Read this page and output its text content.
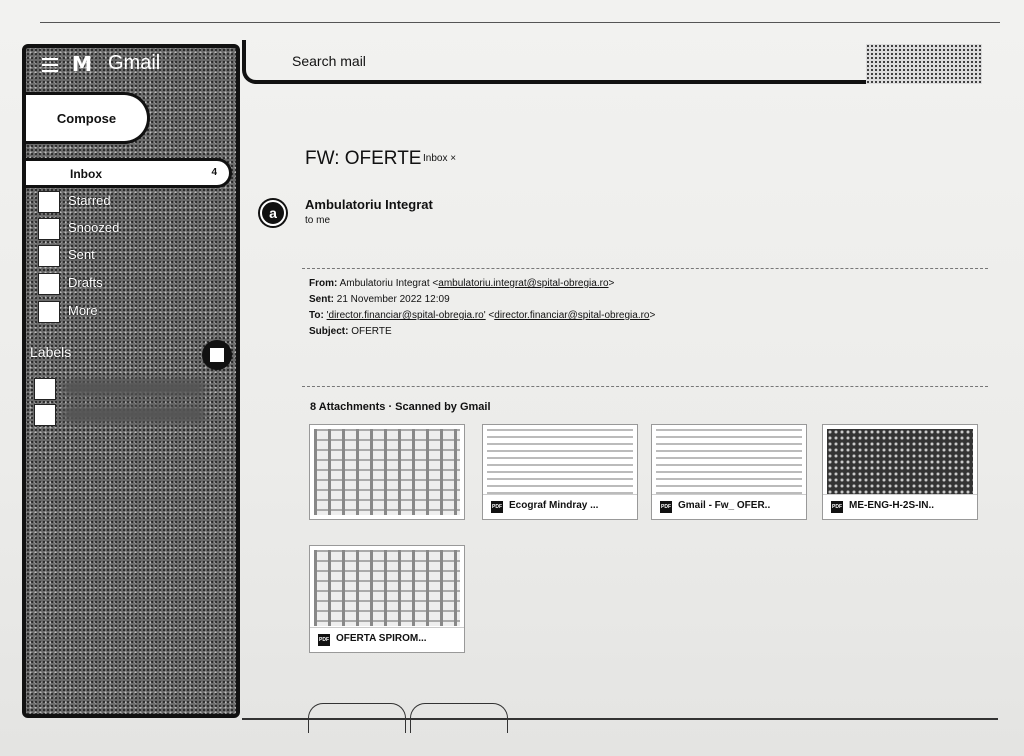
M Gmail
Compose
Inbox	4
Starred
Snoozed
Sent
Drafts
More
Labels
Search mail
FW: OFERTE Inbox ×
a
Ambulatoriu Integrat
to me
From: Ambulatoriu Integrat <ambulatoriu.integrat@spital-obregia.ro>
Sent: 21 November 2022 12:09
To: 'director.financiar@spital-obregia.ro' <director.financiar@spital-obregia.ro>
Subject: OFERTE
8 Attachments · Scanned by Gmail
PDF Ecograf Mindray ...	PDF Gmail - Fw_ OFER..	PDF ME-ENG-H-2S-IN..
PDF OFERTA SPIROM...
